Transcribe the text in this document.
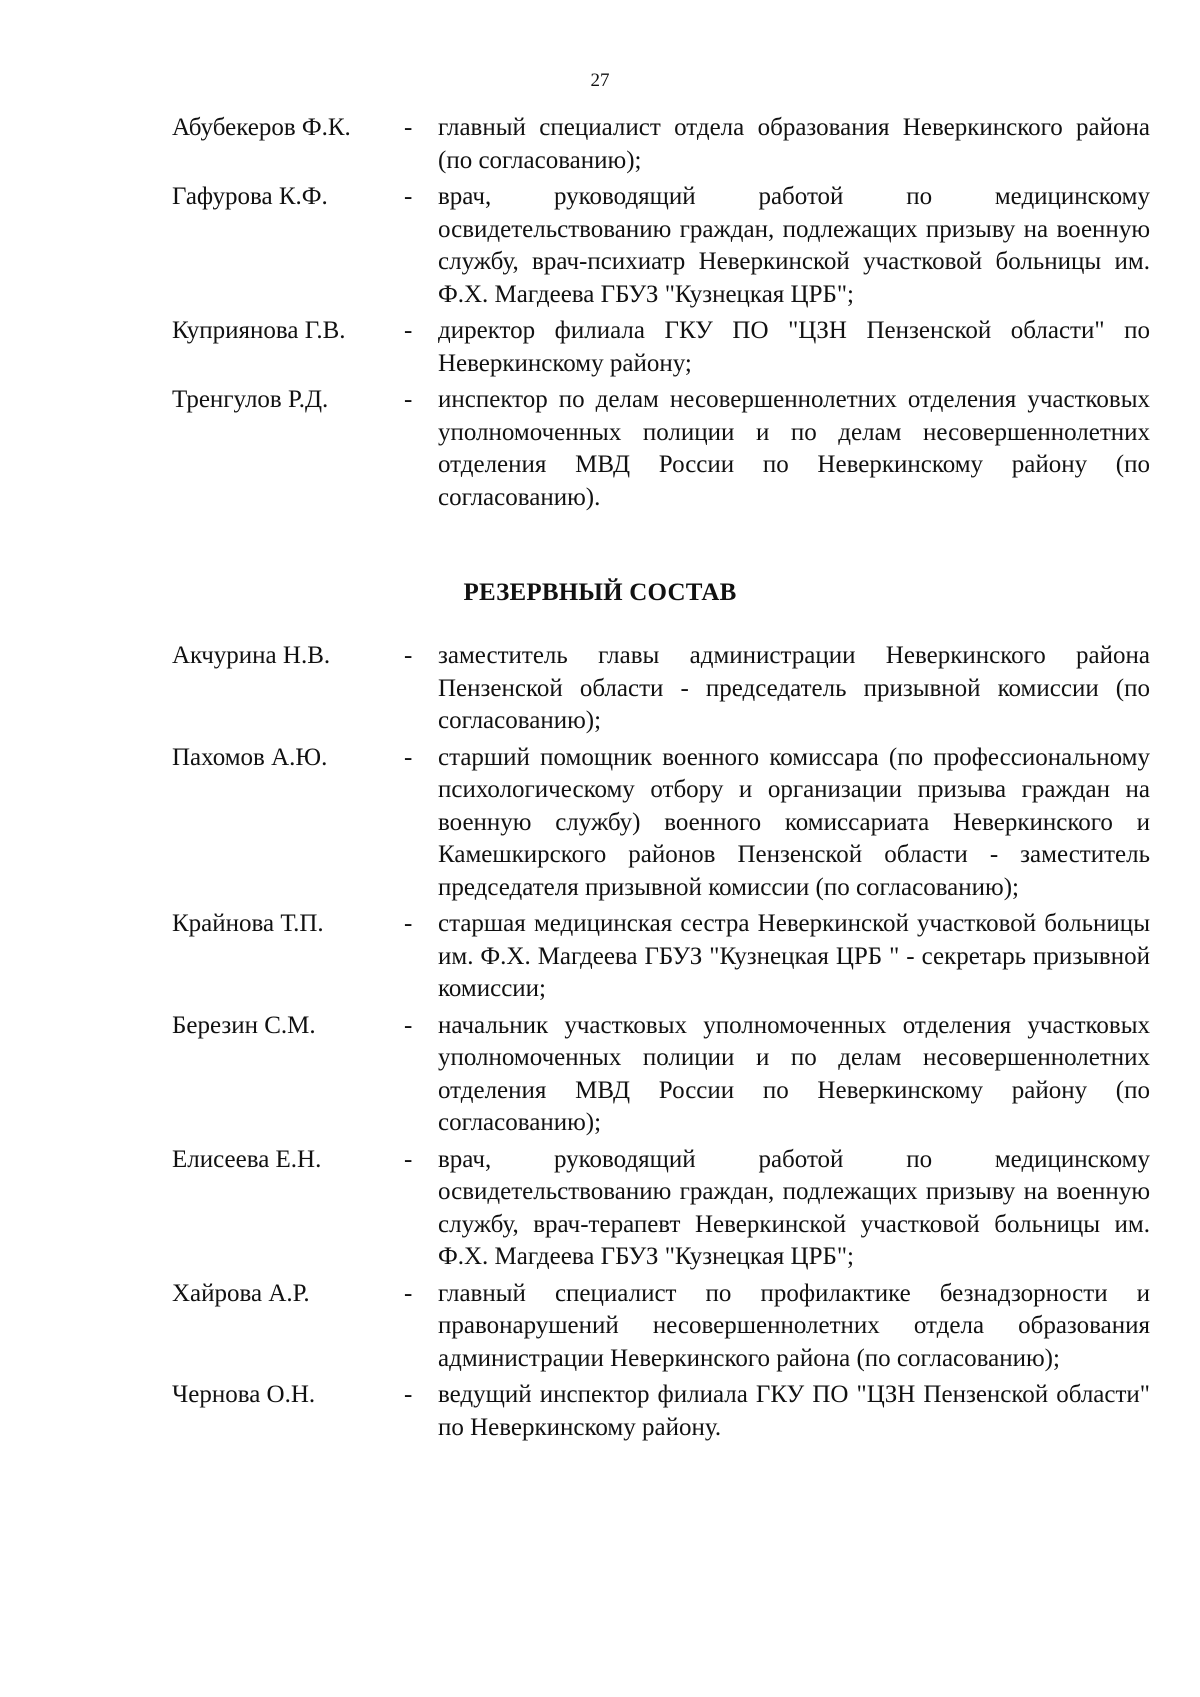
27
Абубекеров Ф.К.	-	главный специалист отдела образования Неверкинского района (по согласованию);
Гафурова К.Ф.	-	врач, руководящий работой по медицинскому освидетельствованию граждан, подлежащих призыву на военную службу, врач-психиатр Неверкинской участковой больницы им. Ф.Х. Магдеева ГБУЗ "Кузнецкая ЦРБ";
Куприянова Г.В.	-	директор филиала ГКУ ПО "ЦЗН Пензенской области" по Неверкинскому району;
Тренгулов Р.Д.	-	инспектор по делам несовершеннолетних отделения участковых уполномоченных полиции и по делам несовершеннолетних отделения МВД России по Неверкинскому району (по согласованию).
РЕЗЕРВНЫЙ СОСТАВ
Акчурина Н.В.	-	заместитель главы администрации Неверкинского района Пензенской области - председатель призывной комиссии (по согласованию);
Пахомов А.Ю.	-	старший помощник военного комиссара (по профессиональному психологическому отбору и организации призыва граждан на военную службу) военного комиссариата Неверкинского и Камешкирского районов Пензенской области - заместитель председателя призывной комиссии (по согласованию);
Крайнова Т.П.	-	старшая медицинская сестра Неверкинской участковой больницы им. Ф.Х. Магдеева ГБУЗ "Кузнецкая ЦРБ " - секретарь призывной комиссии;
Березин С.М.	-	начальник участковых уполномоченных отделения участковых уполномоченных полиции и по делам несовершеннолетних отделения МВД России по Неверкинскому району (по согласованию);
Елисеева Е.Н.	-	врач, руководящий работой по медицинскому освидетельствованию граждан, подлежащих призыву на военную службу, врач-терапевт Неверкинской участковой больницы им. Ф.Х. Магдеева ГБУЗ "Кузнецкая ЦРБ";
Хайрова А.Р.	-	главный специалист по профилактике безнадзорности и правонарушений несовершеннолетних отдела образования администрации Неверкинского района (по согласованию);
Чернова О.Н.	-	ведущий инспектор филиала ГКУ ПО "ЦЗН Пензенской области" по Неверкинскому району.
